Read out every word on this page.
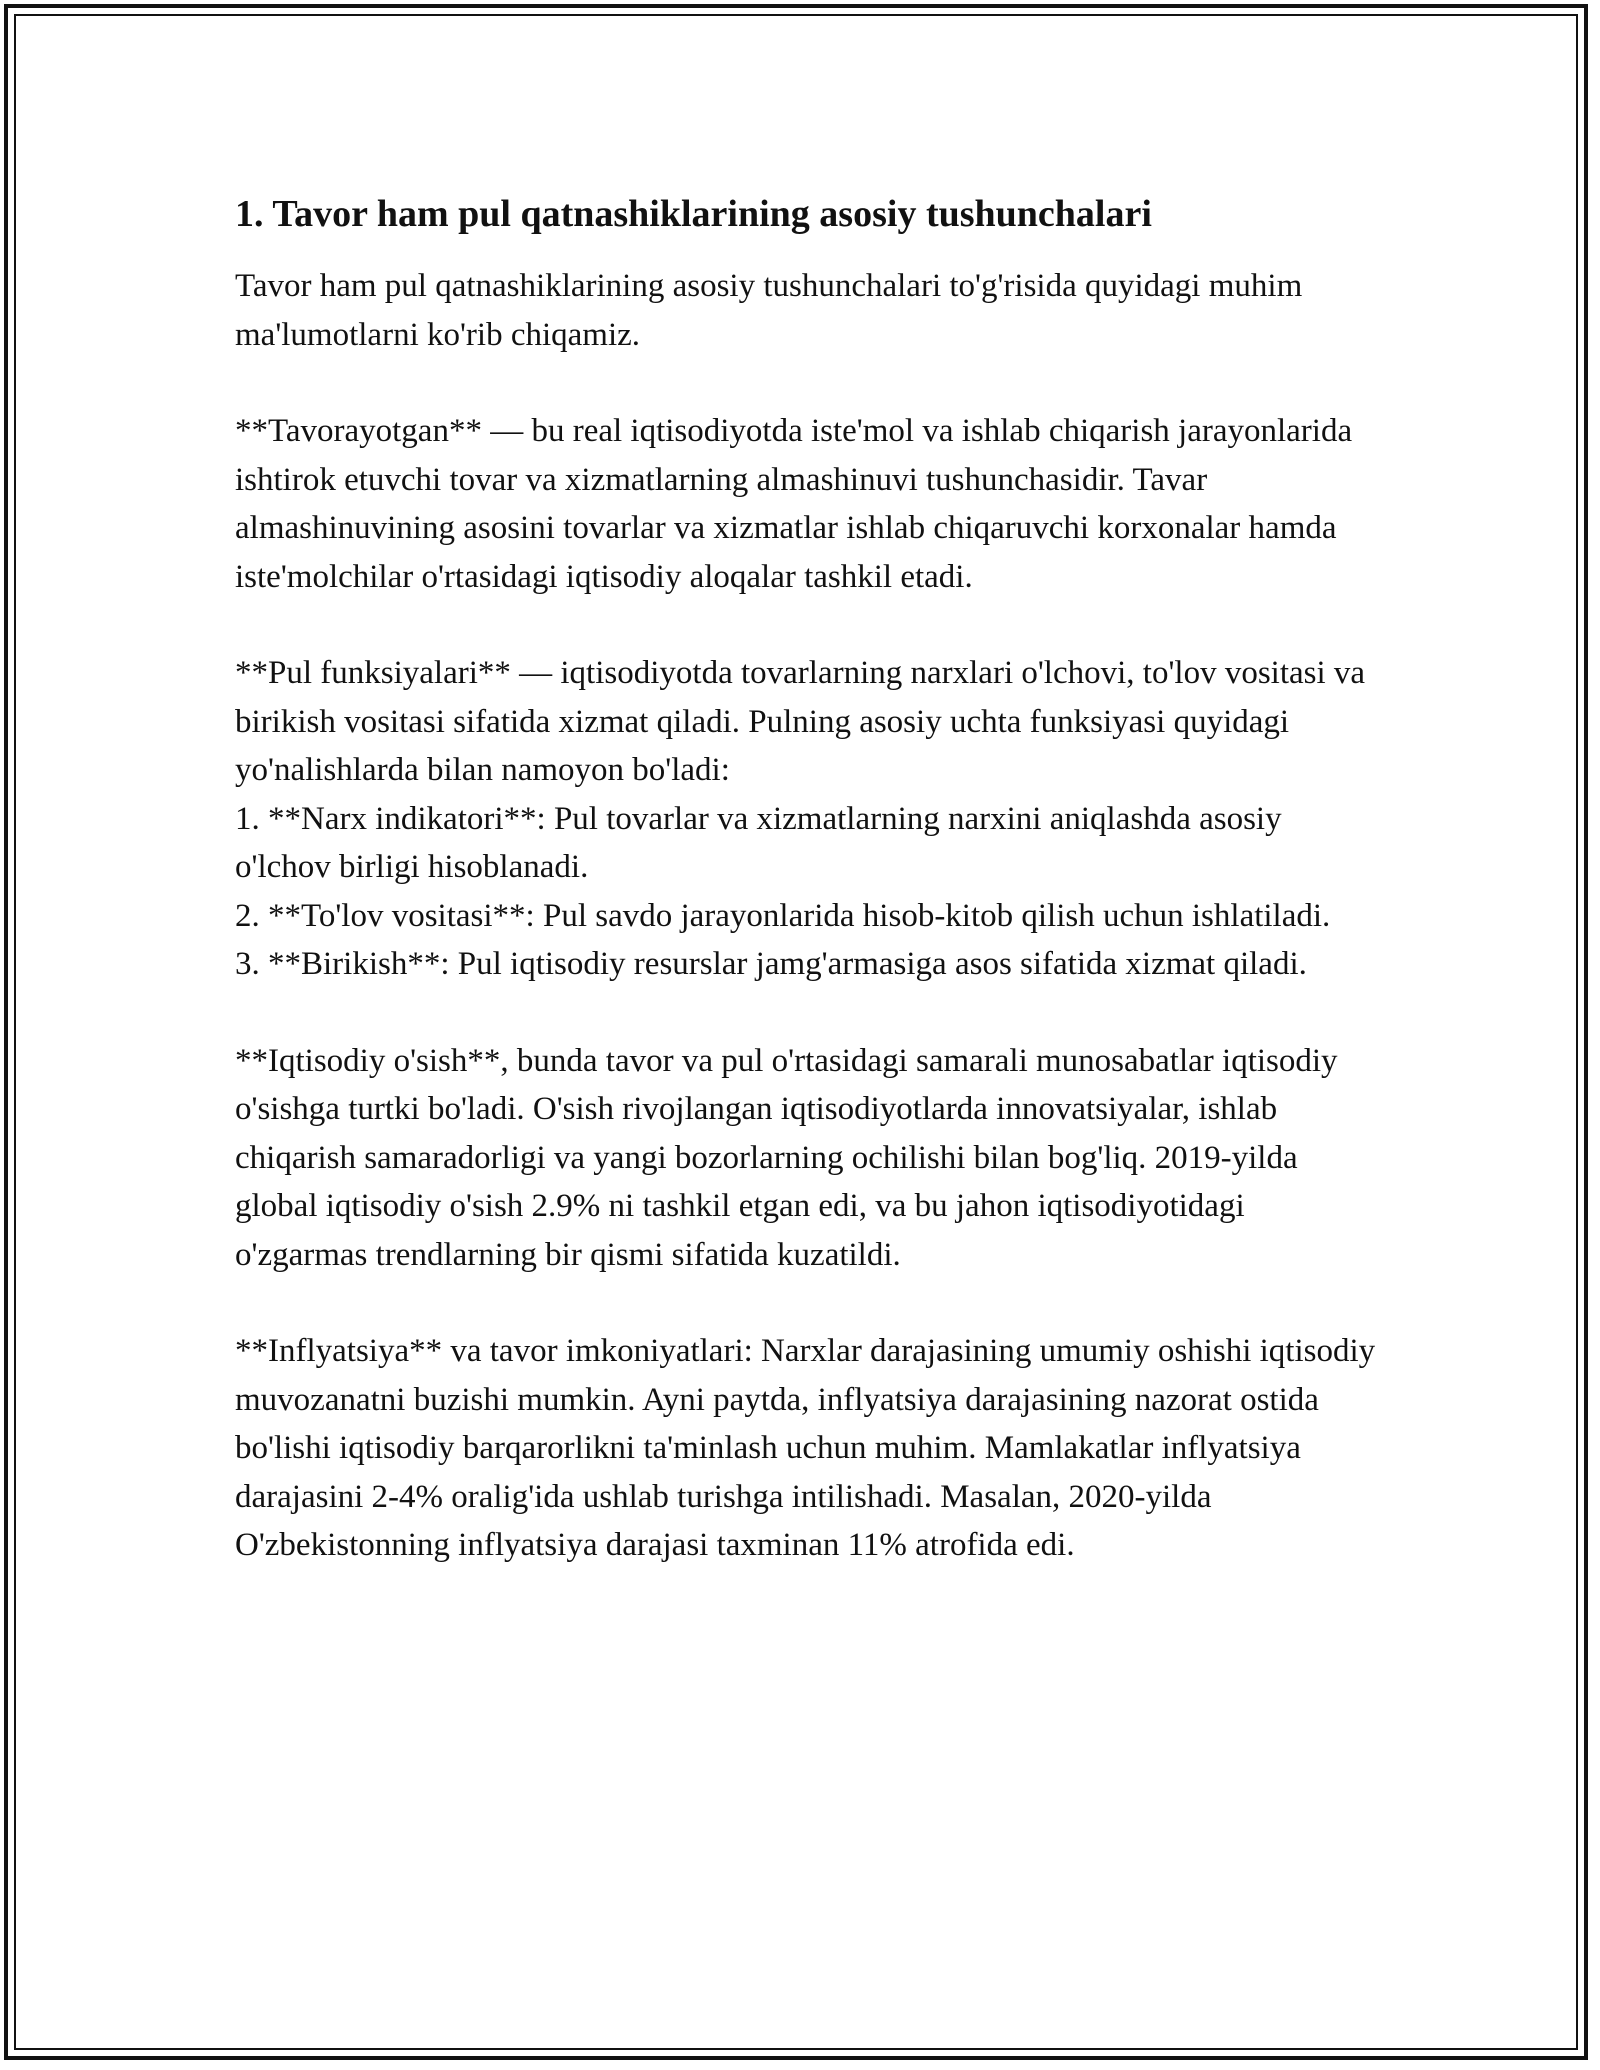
1. Tavor ham pul qatnashiklarining asosiy tushunchalari

Tavor ham pul qatnashiklarining asosiy tushunchalari to'g'risida quyidagi muhim ma'lumotlarni ko'rib chiqamiz.

**Tavorayotgan** — bu real iqtisodiyotda iste'mol va ishlab chiqarish jarayonlarida ishtirok etuvchi tovar va xizmatlarning almashinuvi tushunchasidir. Tavar almashinuvining asosini tovarlar va xizmatlar ishlab chiqaruvchi korxonalar hamda iste'molchilar o'rtasidagi iqtisodiy aloqalar tashkil etadi.

**Pul funksiyalari** — iqtisodiyotda tovarlarning narxlari o'lchovi, to'lov vositasi va birikish vositasi sifatida xizmat qiladi. Pulning asosiy uchta funksiyasi quyidagi yo'nalishlarda bilan namoyon bo'ladi:
1. **Narx indikatori**: Pul tovarlar va xizmatlarning narxini aniqlashda asosiy o'lchov birligi hisoblanadi.
2. **To'lov vositasi**: Pul savdo jarayonlarida hisob-kitob qilish uchun ishlatiladi.
3. **Birikish**: Pul iqtisodiy resurslar jamg'armasiga asos sifatida xizmat qiladi.

**Iqtisodiy o'sish**, bunda tavor va pul o'rtasidagi samarali munosabatlar iqtisodiy o'sishga turtki bo'ladi. O'sish rivojlangan iqtisodiyotlarda innovatsiyalar, ishlab chiqarish samaradorligi va yangi bozorlarning ochilishi bilan bog'liq. 2019-yilda global iqtisodiy o'sish 2.9% ni tashkil etgan edi, va bu jahon iqtisodiyotidagi o'zgarmas trendlarning bir qismi sifatida kuzatildi.

**Inflyatsiya** va tavor imkoniyatlari: Narxlar darajasining umumiy oshishi iqtisodiy muvozanatni buzishi mumkin. Ayni paytda, inflyatsiya darajasining nazorat ostida bo'lishi iqtisodiy barqarorlikni ta'minlash uchun muhim. Mamlakatlar inflyatsiya darajasini 2-4% oralig'ida ushlab turishga intilishadi. Masalan, 2020-yilda O'zbekistonning inflyatsiya darajasi taxminan 11% atrofida edi.
